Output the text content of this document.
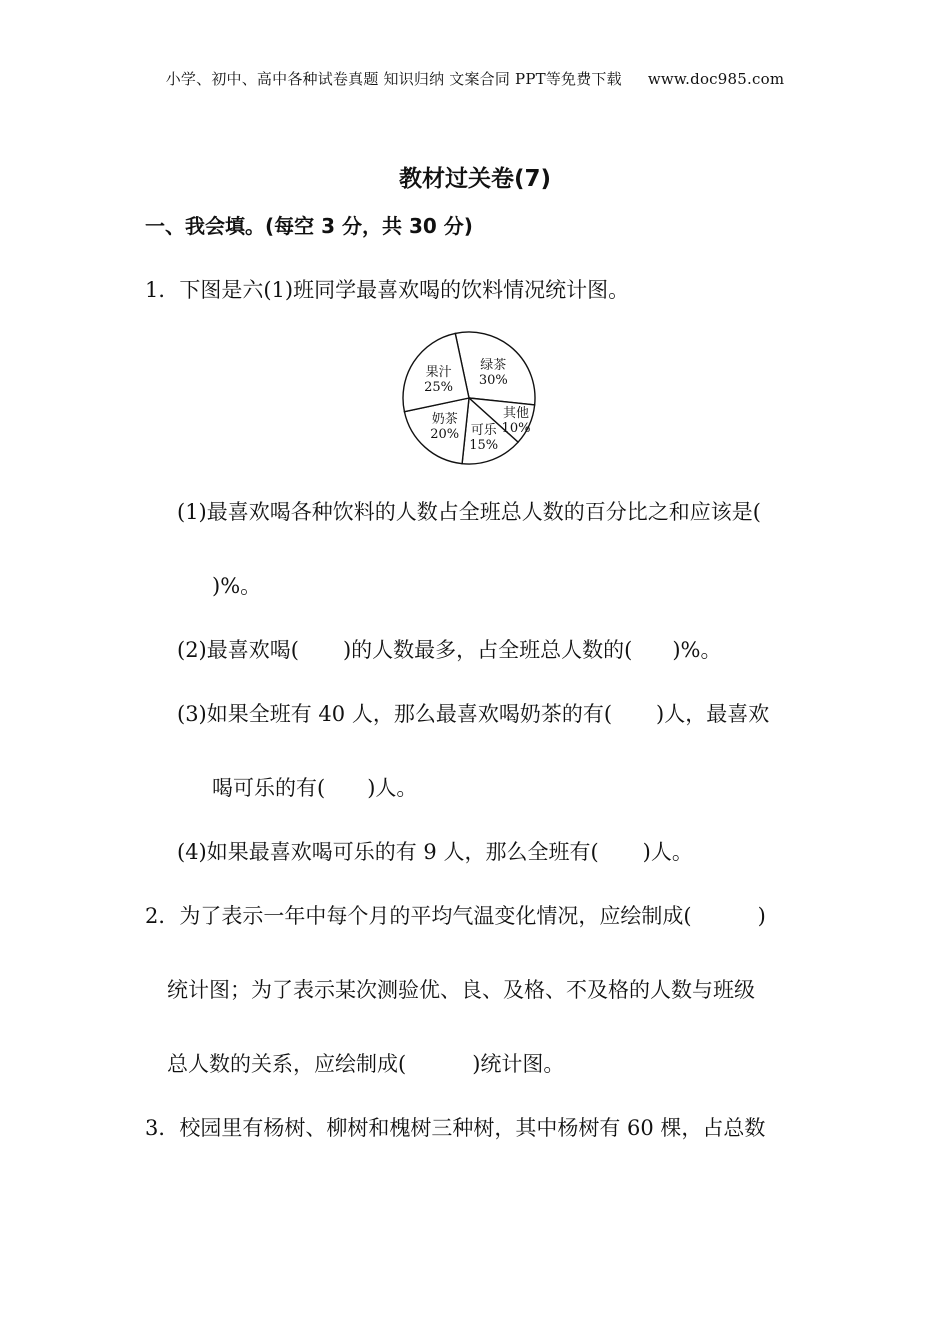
小学、初中、高中各种试卷真题 知识归纳 文案合同 PPT等免费下载 www.doc985.com
教材过关卷(7)
一、我会填。(每空 3 分，共 30 分)
1．下图是六(1)班同学最喜欢喝的饮料情况统计图。
绿茶
30%
其他
10%
可乐
15%
奶茶
20%
果汁
25%
(1)最喜欢喝各种饮料的人数占全班总人数的百分比之和应该是(
)%。
(2)最喜欢喝( )的人数最多，占全班总人数的( )%。
(3)如果全班有 40 人，那么最喜欢喝奶茶的有( )人，最喜欢
喝可乐的有( )人。
(4)如果最喜欢喝可乐的有 9 人，那么全班有( )人。
2．为了表示一年中每个月的平均气温变化情况，应绘制成(	)
统计图；为了表示某次测验优、良、及格、不及格的人数与班级
总人数的关系，应绘制成(	)统计图。
3．校园里有杨树、柳树和槐树三种树，其中杨树有 60 棵，占总数
